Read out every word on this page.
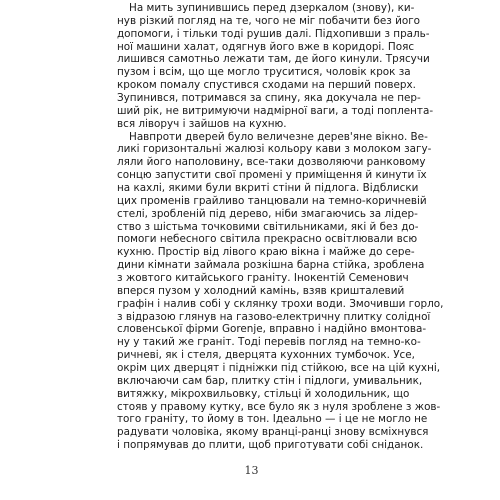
На мить зупинившись перед дзеркалом (знову), ки-
нув різкий погляд на те, чого не міг побачити без його
допомоги, і тільки тоді рушив далі. Підхопивши з праль-
ної машини халат, одягнув його вже в коридорі. Пояс
лишився самотньо лежати там, де його кинули. Трясучи
пузом і всім, що ще могло труситися, чоловік крок за
кроком помалу спустився сходами на перший поверх.
Зупинився, потримався за спину, яка докучала не пер-
ший рік, не витримуючи надмірної ваги, а тоді поплента-
вся ліворуч і зайшов на кухню.
Навпроти дверей було величезне дерев'яне вікно. Ве-
ликі горизонтальні жалюзі кольору кави з молоком загу-
ляли його наполовину, все-таки дозволяючи ранковому
сонцю запустити свої промені у приміщення й кинути їх
на кахлі, якими були вкриті стіни й підлога. Відблиски
цих променів грайливо танцювали на темно-коричневій
стелі, зробленій під дерево, ніби змагаючись за лідер-
ство з шістьма точковими світильниками, які й без до-
помоги небесного світила прекрасно освітлювали всю
кухню. Простір від лівого краю вікна і майже до сере-
дини кімнати займала розкішна барна стійка, зроблена
з жовтого китайського граніту. Інокентій Семенович
вперся пузом у холодний камінь, взяв кришталевий
графін і налив собі у склянку трохи води. Змочивши горло,
з відразою глянув на газово-електричну плитку солідної
словенської фірми Gorenje, вправно і надійно вмонтова-
ну у такий же граніт. Тоді перевів погляд на темно-ко-
ричневі, як і стеля, дверцята кухонних тумбочок. Усе,
окрім цих дверцят і підніжки під стійкою, все на цій кухні,
включаючи сам бар, плитку стін і підлоги, умивальник,
витяжку, мікрохвильовку, стільці й холодильник, що
стояв у правому кутку, все було як з нуля зроблене з жов-
того граніту, то йому в тон. Ідеально — і це не могло не
радувати чоловіка, якому вранці-ранці знову всміхнувся
і попрямував до плити, щоб приготувати собі сніданок.
13
